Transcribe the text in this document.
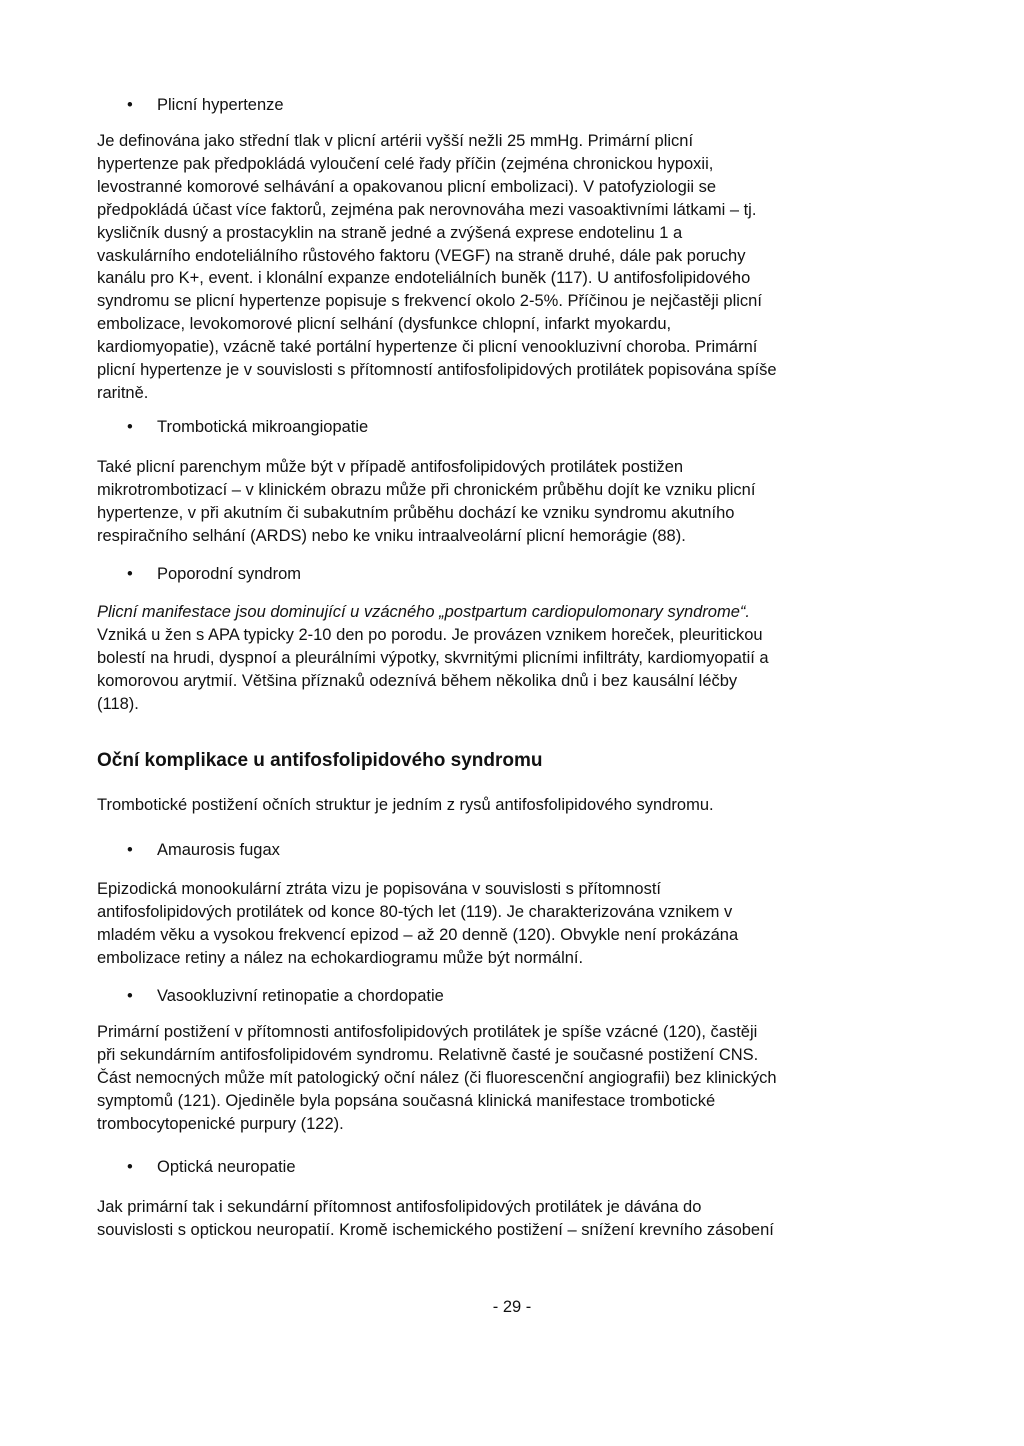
• Plicní hypertenze
Je definována jako střední tlak v plicní artérii vyšší nežli 25 mmHg. Primární plicní
hypertenze pak předpokládá vyloučení celé řady příčin (zejména chronickou hypoxii,
levostranné komorové selhávání a opakovanou plicní embolizaci). V patofyziologii se
předpokládá účast více faktorů, zejména pak nerovnováha mezi vasoaktivními látkami – tj.
kysličník dusný a prostacyklin na straně jedné a zvýšená exprese endotelinu 1 a
vaskulárního endoteliálního růstového faktoru (VEGF) na straně druhé, dále pak poruchy
kanálu pro K+, event. i klonální expanze endoteliálních buněk (117). U antifosfolipidového
syndromu se plicní hypertenze popisuje s frekvencí okolo 2-5%. Příčinou je nejčastěji plicní
embolizace, levokomorové plicní selhání (dysfunkce chlopní, infarkt myokardu,
kardiomyopatie), vzácně také portální hypertenze či plicní venookluzivní choroba. Primární
plicní hypertenze je v souvislosti s přítomností antifosfolipidových protilátek popisována spíše
raritně.
• Trombotická mikroangiopatie
Také plicní parenchym může být v případě antifosfolipidových protilátek postižen
mikrotrombotizací – v klinickém obrazu může při chronickém průběhu dojít ke vzniku plicní
hypertenze, v při akutním či subakutním průběhu dochází ke vzniku syndromu akutního
respiračního selhání (ARDS) nebo ke vniku intraalveolární plicní hemorágie (88).
• Poporodní syndrom
Plicní manifestace jsou dominující u vzácného „postpartum cardiopulomonary syndrome“.
Vzniká u žen s APA typicky 2-10 den po porodu. Je provázen vznikem horeček, pleuritickou
bolestí na hrudi, dyspnoí a pleurálními výpotky, skvrnitými plicními infiltráty, kardiomyopatií a
komorovou arytmií. Většina příznaků odeznívá během několika dnů i bez kausální léčby
(118).
Oční komplikace u antifosfolipidového syndromu
Trombotické postižení očních struktur je jedním z rysů antifosfolipidového syndromu.
• Amaurosis fugax
Epizodická monookulární ztráta vizu je popisována v souvislosti s přítomností
antifosfolipidových protilátek od konce 80-tých let (119). Je charakterizována vznikem v
mladém věku a vysokou frekvencí epizod – až 20 denně (120). Obvykle není prokázána
embolizace retiny a nález na echokardiogramu může být normální.
• Vasookluzivní retinopatie a chordopatie
Primární postižení v přítomnosti antifosfolipidových protilátek je spíše vzácné (120), častěji
při sekundárním antifosfolipidovém syndromu. Relativně časté je současné postižení CNS.
Část nemocných může mít patologický oční nález (či fluorescenční angiografii) bez klinických
symptomů (121). Ojediněle byla popsána současná klinická manifestace trombotické
trombocytopenické purpury (122).
• Optická neuropatie
Jak primární tak i sekundární přítomnost antifosfolipidových protilátek je dávána do
souvislosti s optickou neuropatií. Kromě ischemického postižení – snížení krevního zásobení
- 29 -
